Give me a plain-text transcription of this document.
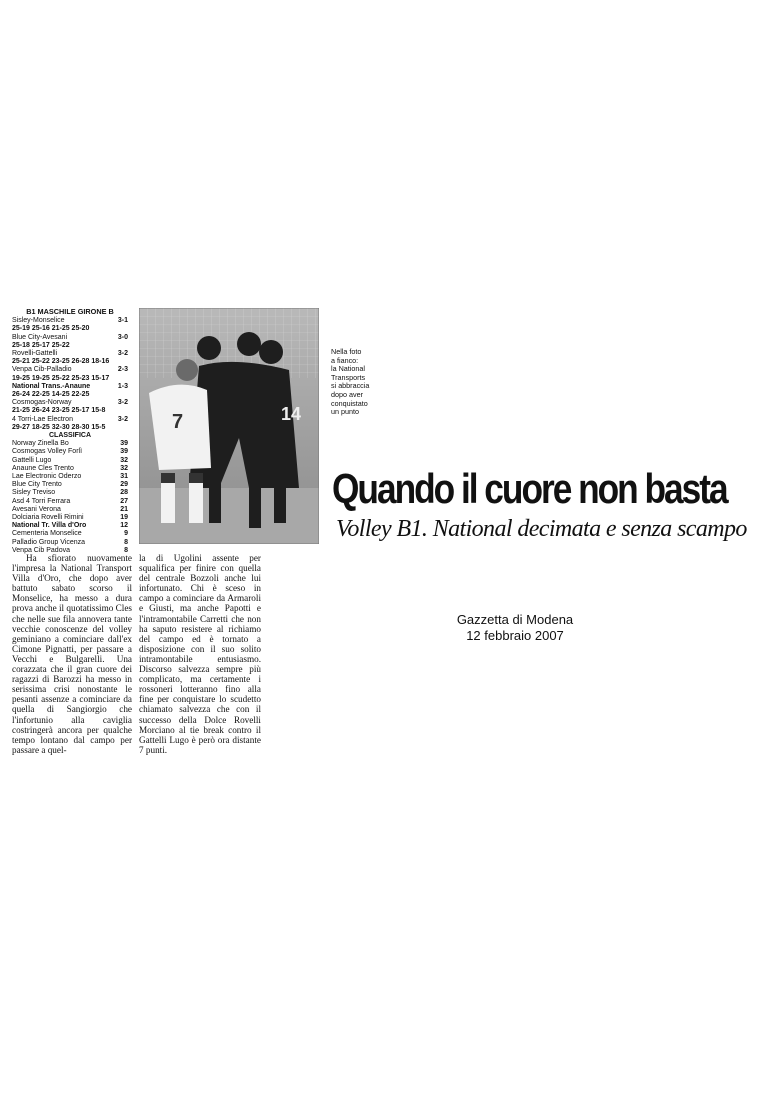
B1 MASCHILE GIRONE B
Sisley-Monselice	3-1
25-19 25-16 21-25 25-20
Blue City-Avesani	3-0
25-18 25-17 25-22
Rovelli-Gattelli	3-2
25-21 25-22 23-25 26-28 18-16
Venpa Cib-Palladio	2-3
19-25 19-25 25-22 25-23 15-17
National Trans.-Anaune	1-3
26-24 22-25 14-25 22-25
Cosmogas-Norway	3-2
21-25 26-24 23-25 25-17 15-8
4 Torri-Lae Electron	3-2
29-27 18-25 32-30 28-30 15-5
CLASSIFICA
Norway Zinella Bo	39
Cosmogas Volley Forlì	39
Gattelli Lugo	32
Anaune Cles Trento	32
Lae Electronic Oderzo	31
Blue City Trento	29
Sisley Treviso	28
Asd 4 Torri Ferrara	27
Avesani Verona	21
Dolciaria Rovelli Rimini	19
National Tr. Villa d'Oro	12
Cementeria Monselice	9
Palladio Group Vicenza	8
Venpa Cib Padova	8
7	14
Nella foto
a fianco:
la National
Transports
si abbraccia
dopo aver
conquistato
un punto
Quando il cuore non basta
Volley B1. National decimata e senza scampo
Gazzetta di Modena
12 febbraio 2007
Ha sfiorato nuovamente l'impresa la National Transport Villa d'Oro, che dopo aver battuto sabato scorso il Monselice, ha messo a dura prova anche il quotatissimo Cles che nelle sue fila annovera tante vecchie conoscenze del volley geminiano a cominciare dall'ex Cimone Pignatti, per passare a Vecchi e Bulgarelli. Una corazzata che il gran cuore dei ragazzi di Barozzi ha messo in serissima crisi nonostante le pesanti assenze a cominciare da quella di Sangiorgio che l'infortunio alla caviglia costringerà ancora per qualche tempo lontano dal campo per passare a quel-
la di Ugolini assente per squalifica per finire con quella del centrale Bozzoli anche lui infortunato. Chi è sceso in campo a cominciare da Armaroli e Giusti, ma anche Papotti e l'intramontabile Carretti che non ha saputo resistere al richiamo del campo ed è tornato a disposizione con il suo solito intramontabile entusiasmo. Discorso salvezza sempre più complicato, ma certamente i rossoneri lotteranno fino alla fine per conquistare lo scudetto chiamato salvezza che con il successo della Dolce Rovelli Morciano al tie break contro il Gattelli Lugo è però ora distante 7 punti.
